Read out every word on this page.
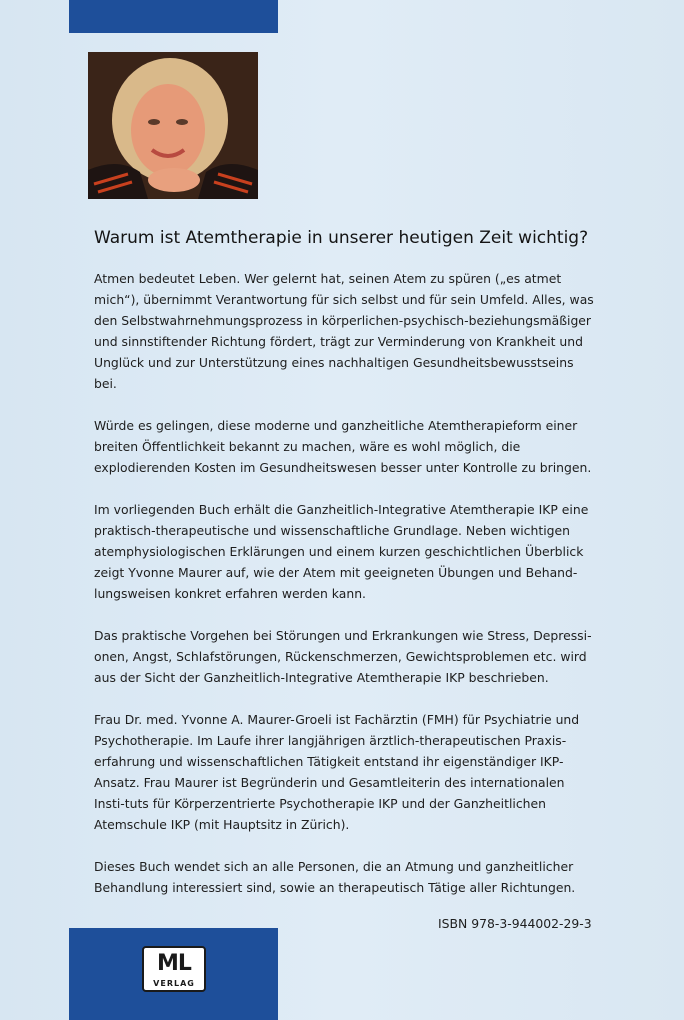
Warum ist Atemtherapie in unserer heutigen Zeit wichtig?

Atmen bedeutet Leben. Wer gelernt hat, seinen Atem zu spüren („es atmet mich“), übernimmt Verantwortung für sich selbst und für sein Umfeld. Alles, was den Selbstwahrnehmungsprozess in körperlichen-psychisch-beziehungsmäßiger und sinnstiftender Richtung fördert, trägt zur Verminderung von Krankheit und Unglück und zur Unterstützung eines nachhaltigen Gesundheitsbewusstseins bei.

Würde es gelingen, diese moderne und ganzheitliche Atemtherapieform einer breiten Öffentlichkeit bekannt zu machen, wäre es wohl möglich, die explodierenden Kosten im Gesundheitswesen besser unter Kontrolle zu bringen.

Im vorliegenden Buch erhält die Ganzheitlich-Integrative Atemtherapie IKP eine praktisch-therapeutische und wissenschaftliche Grundlage. Neben wichtigen atemphysiologischen Erklärungen und einem kurzen geschichtlichen Überblick zeigt Yvonne Maurer auf, wie der Atem mit geeigneten Übungen und Behand-lungsweisen konkret erfahren werden kann.

Das praktische Vorgehen bei Störungen und Erkrankungen wie Stress, Depressi-onen, Angst, Schlafstörungen, Rückenschmerzen, Gewichtsproblemen etc. wird aus der Sicht der Ganzheitlich-Integrative Atemtherapie IKP beschrieben.

Frau Dr. med. Yvonne A. Maurer-Groeli ist Fachärztin (FMH) für Psychiatrie und Psychotherapie. Im Laufe ihrer langjährigen ärztlich-therapeutischen Praxis-erfahrung und wissenschaftlichen Tätigkeit entstand ihr eigenständiger IKP-Ansatz. Frau Maurer ist Begründerin und Gesamtleiterin des internationalen Insti-tuts für Körperzentrierte Psychotherapie IKP und der Ganzheitlichen Atemschule IKP (mit Hauptsitz in Zürich).

Dieses Buch wendet sich an alle Personen, die an Atmung und ganzheitlicher Behandlung interessiert sind, sowie an therapeutisch Tätige aller Richtungen.

ISBN 978-3-944002-29-3
ML
VERLAG
